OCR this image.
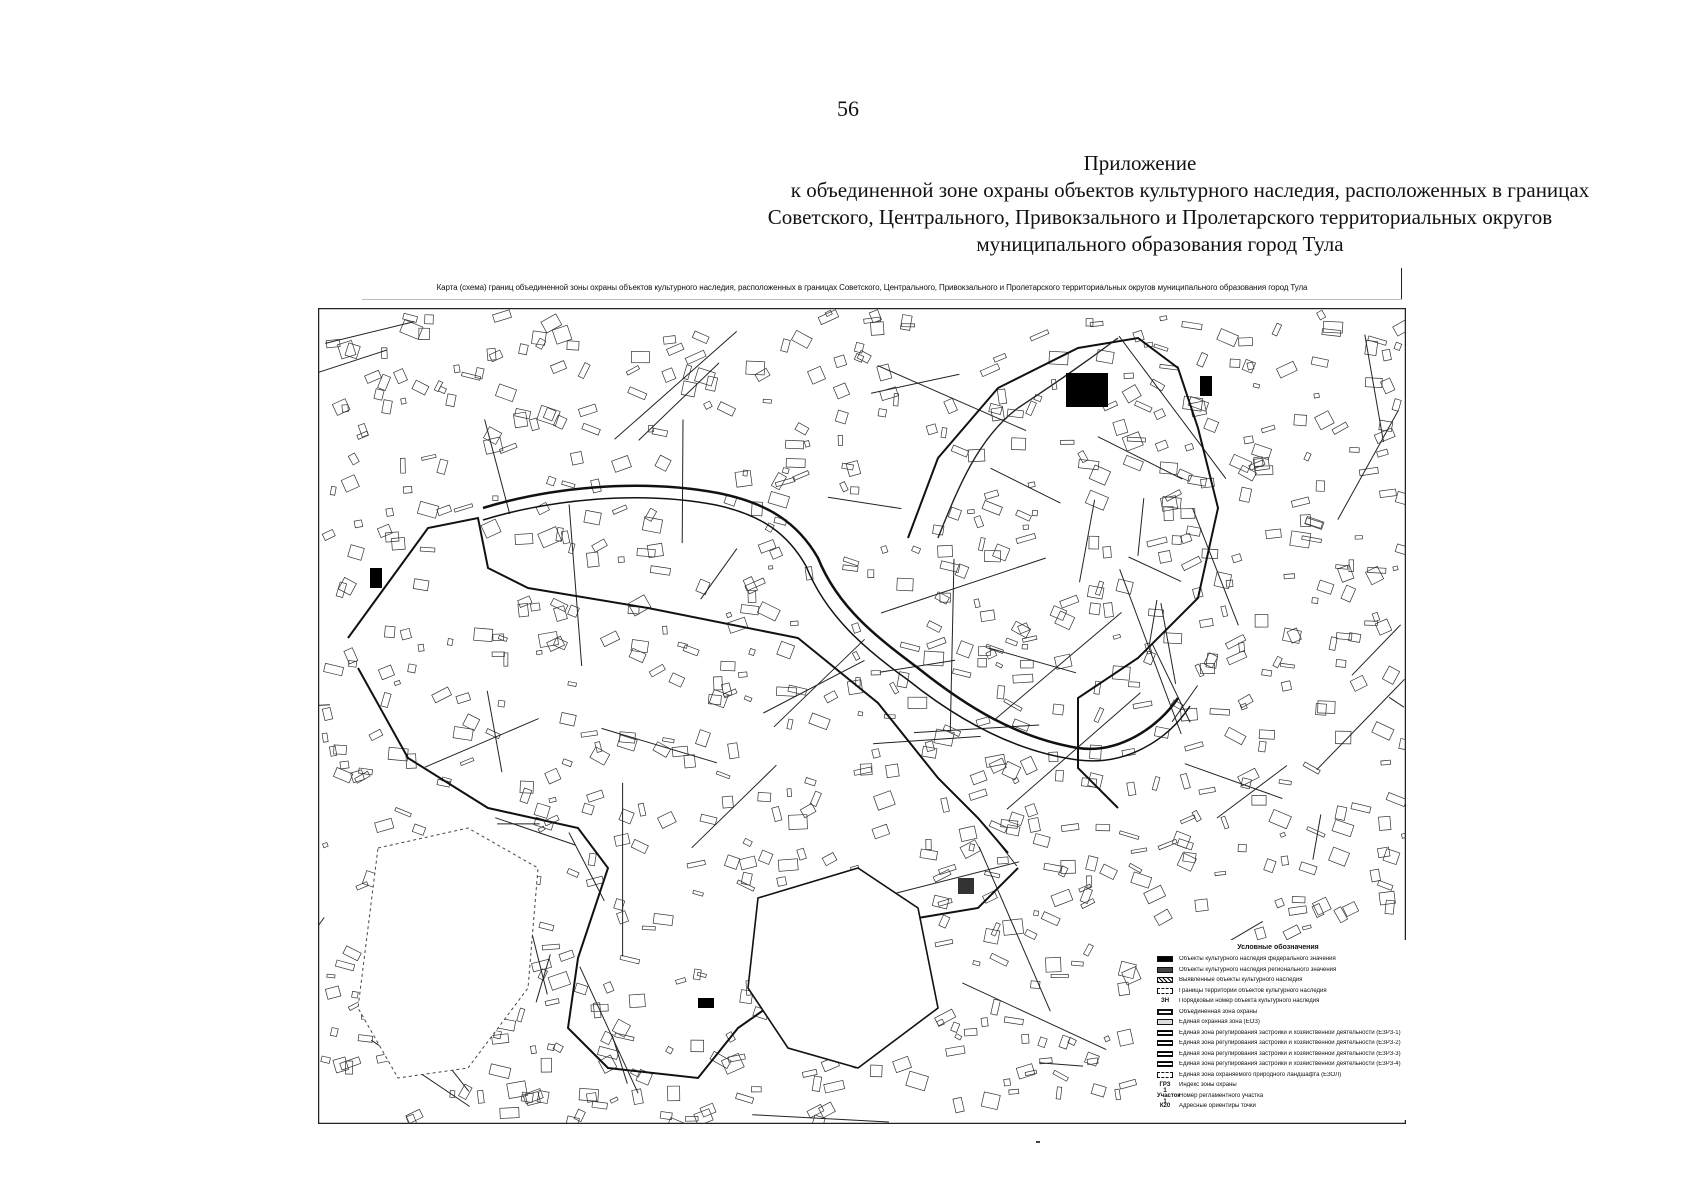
56
Приложение
к объединенной зоне охраны объектов культурного наследия, расположенных в границах
Советского, Центрального, Привокзального и Пролетарского территориальных округов
муниципального образования город Тула
Карта (схема) границ объединенной зоны охраны объектов культурного наследия, расположенных в границах Советского, Центрального, Привокзального и Пролетарского территориальных округов муниципального образования город Тула
Условные обозначения
Объекты культурного наследия федерального значения
Объекты культурного наследия регионального значения
Выявленные объекты культурного наследия
Границы территорий объектов культурного наследия
ЗН	Порядковый номер объекта культурного наследия
Объединенная зона охраны
Единая охранная зона (ЕОЗ)
Единая зона регулирования застройки и хозяйственной деятельности (ЕЗРЗ-1)
Единая зона регулирования застройки и хозяйственной деятельности (ЕЗРЗ-2)
Единая зона регулирования застройки и хозяйственной деятельности (ЕЗРЗ-3)
Единая зона регулирования застройки и хозяйственной деятельности (ЕЗРЗ-4)
Единая зона охраняемого природного ландшафта (ЕЗОЛ)
ГРЗ 1
Индекс зоны охраны
Участок 1
Номер регламентного участка
К20	Адресные ориентиры точки
